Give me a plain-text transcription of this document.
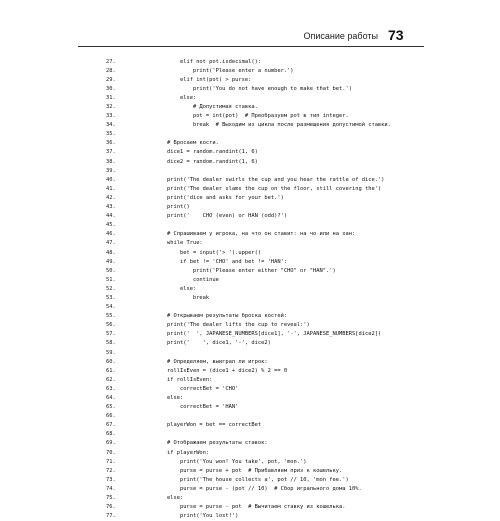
Описание работы 73
27.	elif not pot.isdecimal():
28.	print('Please enter a number.')
29.	elif int(pot) > purse:
30.	print('You do not have enough to make that bet.')
31.	else:
32.	# Допустимая ставка.
33.	pot = int(pot)  # Преобразуем pot в тип integer.
34.	break  # Выходим из цикла после размещения допустимой ставки.
35.
36.	# Бросаем кости.
37.	dice1 = random.randint(1, 6)
38.	dice2 = random.randint(1, 6)
39.
40.	print('The dealer swirls the cup and you hear the rattle of dice.')
41.	print('The dealer slams the cup on the floor, still covering the')
42.	print('dice and asks for your bet.')
43.	print()
44.	print('    CHO (even) or HAN (odd)?')
45.
46.	# Спрашиваем у игрока, на что он ставит: на чо или на хан:
47.	while True:
48.	bet = input('> ').upper()
49.	if bet != 'CHO' and bet != 'HAN':
50.	print('Please enter either "CHO" or "HAN".')
51.	continue
52.	else:
53.	break
54.
55.	# Открываем результаты броска костей:
56.	print('The dealer lifts the cup to reveal:')
57.	print('  ', JAPANESE_NUMBERS[dice1], '-', JAPANESE_NUMBERS[dice2])
58.	print('    ', dice1, '-', dice2)
59.
60.	# Определяем, выиграл ли игрок:
61.	rollIsEven = (dice1 + dice2) % 2 == 0
62.	if rollIsEven:
63.	correctBet = 'CHO'
64.	else:
65.	correctBet = 'HAN'
66.
67.	playerWon = bet == correctBet
68.
69.	# Отображаем результаты ставок:
70.	if playerWon:
71.	print('You won! You take', pot, 'mon.')
72.	purse = purse + pot  # Прибавляем приз к кошельку.
73.	print('The house collects a', pot // 10, 'mon fee.')
74.	purse = purse - (pot // 10)  # Сбор игрального дома 10%.
75.	else:
76.	purse = purse - pot  # Вычитаем ставку из кошелька.
77.	print('You lost!')
